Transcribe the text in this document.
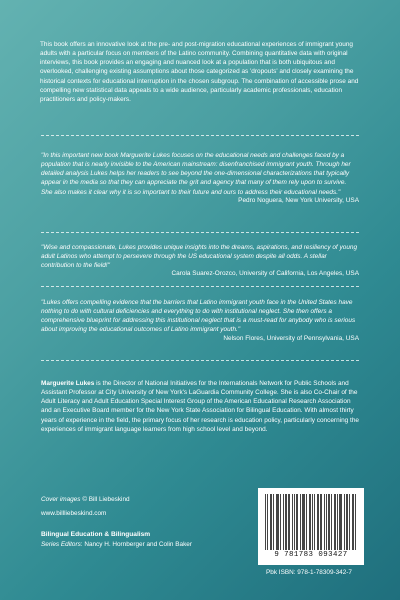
This book offers an innovative look at the pre- and post-migration educational experiences of immigrant young adults with a particular focus on members of the Latino community. Combining quantitative data with original interviews, this book provides an engaging and nuanced look at a population that is both ubiquitous and overlooked, challenging existing assumptions about those categorized as 'dropouts' and closely examining the historical contexts for educational interruption in the chosen subgroup. The combination of accessible prose and compelling new statistical data appeals to a wide audience, particularly academic professionals, education practitioners and policy-makers.

"In this important new book Marguerite Lukes focuses on the educational needs and challenges faced by a population that is nearly invisible to the American mainstream: disenfranchised immigrant youth. Through her detailed analysis Lukes helps her readers to see beyond the one-dimensional characterizations that typically appear in the media so that they can appreciate the grit and agency that many of them rely upon to survive. She also makes it clear why it is so important to their future and ours to address their educational needs."

Pedro Noguera, New York University, USA

"Wise and compassionate, Lukes provides unique insights into the dreams, aspirations, and resiliency of young adult Latinos who attempt to persevere through the US educational system despite all odds. A stellar contribution to the field!"

Carola Suarez-Orozco, University of California, Los Angeles, USA

"Lukes offers compelling evidence that the barriers that Latino immigrant youth face in the United States have nothing to do with cultural deficiencies and everything to do with institutional neglect. She then offers a comprehensive blueprint for addressing this institutional neglect that is a must-read for anybody who is serious about improving the educational outcomes of Latino immigrant youth."

Nelson Flores, University of Pennsylvania, USA

Marguerite Lukes is the Director of National Initiatives for the Internationals Network for Public Schools and Assistant Professor at City University of New York's LaGuardia Community College. She is also Co-Chair of the Adult Literacy and Adult Education Special Interest Group of the American Educational Research Association and an Executive Board member for the New York State Association for Bilingual Education. With almost thirty years of experience in the field, the primary focus of her research is education policy, particularly concerning the experiences of immigrant language learners from high school level and beyond.

Cover images © Bill Liebeskind
www.billliebeskind.com
Bilingual Education & Bilingualism
Series Editors: Nancy H. Hornberger and Colin Baker
9 781783 093427
Pbk ISBN: 978-1-78309-342-7
